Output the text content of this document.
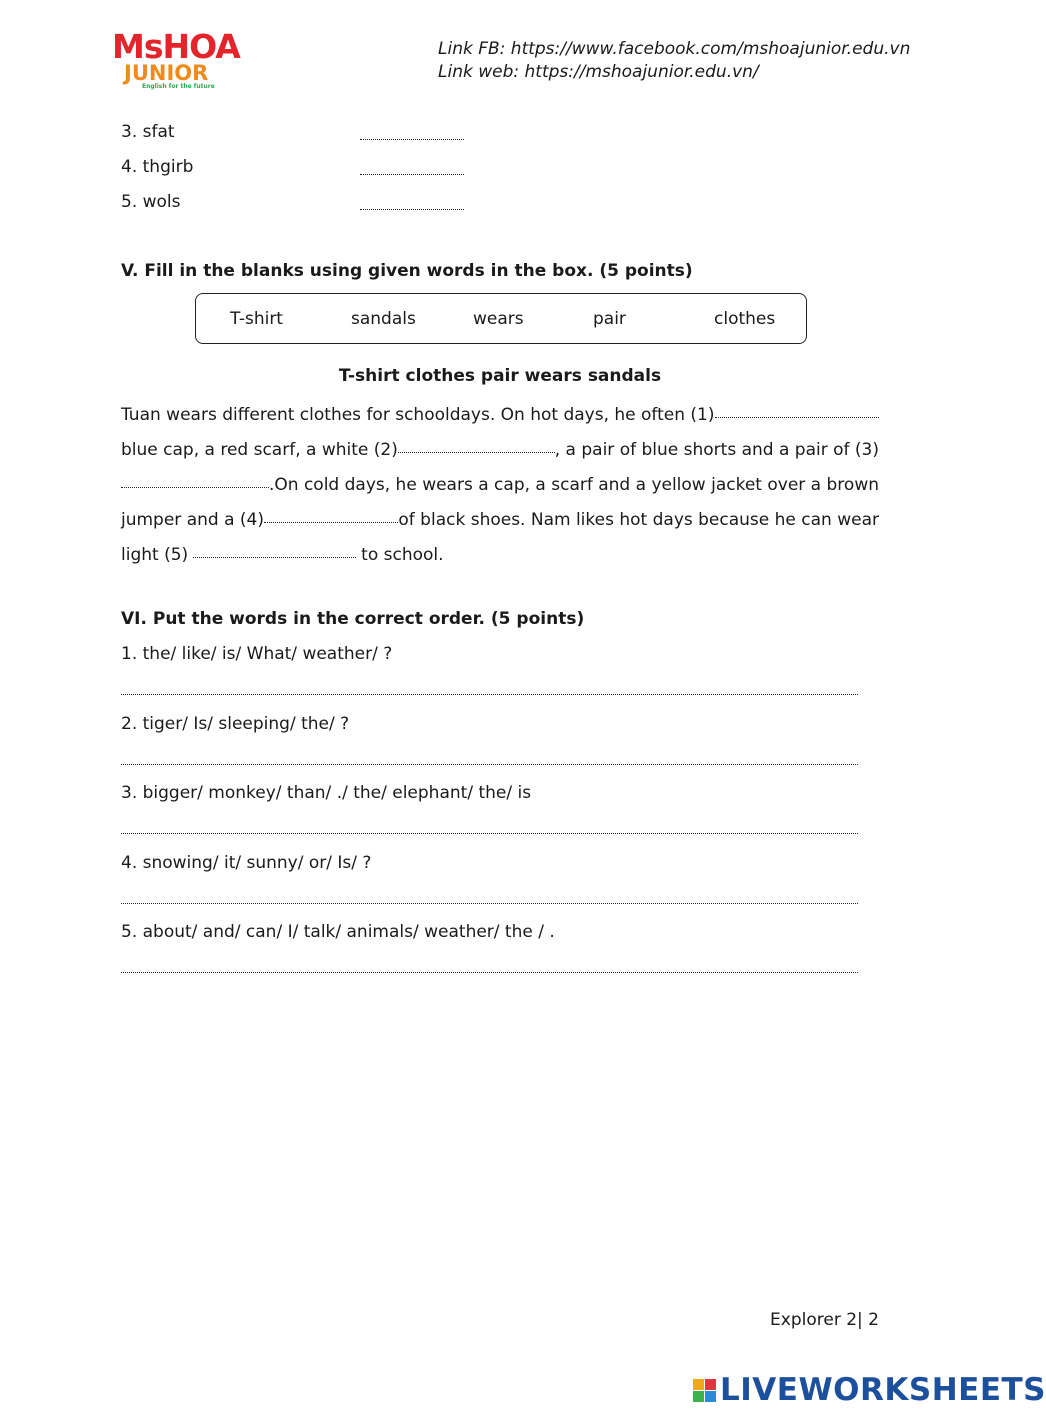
MsHOA
JUNIOR
English for the future
Link FB: https://www.facebook.com/mshoajunior.edu.vn
Link web: https://mshoajunior.edu.vn/
3. sfat
4. thgirb
5. wols
V. Fill in the blanks using given words in the box. (5 points)
T-shirt	sandals	wears	pair	clothes
T-shirt clothes pair wears sandals
Tuan wears different clothes for schooldays. On hot days, he often (1)
blue cap, a red scarf, a white (2)	, a pair of blue shorts and a pair of (3)
.On cold days, he wears a cap, a scarf and a yellow jacket over a brown
jumper and a (4)	of black shoes. Nam likes hot days because he can wear
light (5)	to school.
VI. Put the words in the correct order. (5 points)
1. the/ like/ is/ What/ weather/ ?
2. tiger/ Is/ sleeping/ the/ ?
3. bigger/ monkey/ than/ ./ the/ elephant/ the/ is
4. snowing/ it/ sunny/ or/ Is/ ?
5. about/ and/ can/ I/ talk/ animals/ weather/ the / .
Explorer 2| 2
LIVEWORKSHEETS
